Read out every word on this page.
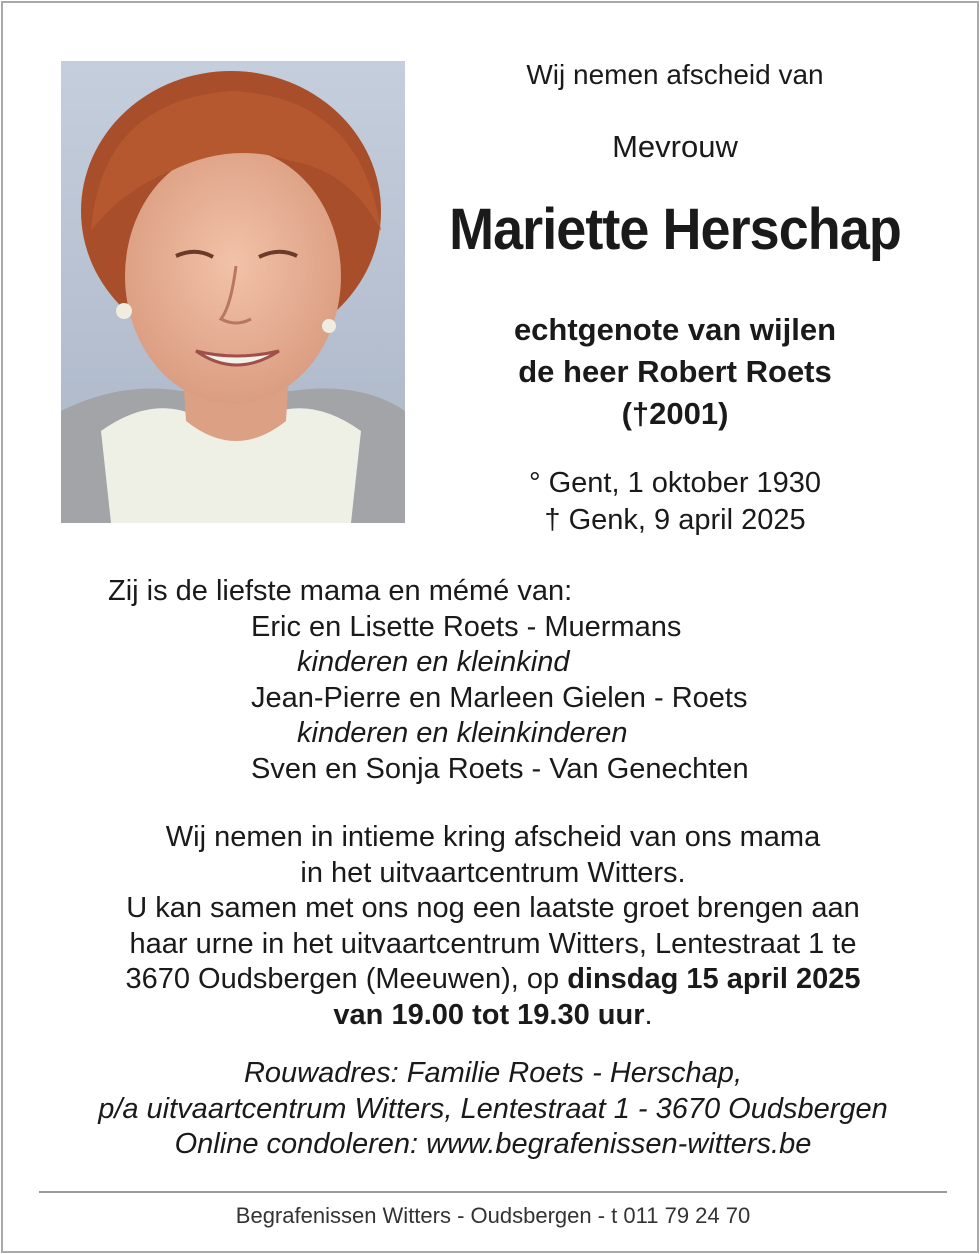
Wij nemen afscheid van
Mevrouw
Mariette Herschap
echtgenote van wijlen
de heer Robert Roets
(†2001)
° Gent, 1 oktober 1930
† Genk, 9 april 2025
Zij is de liefste mama en mémé van:
Eric en Lisette Roets - Muermans
kinderen en kleinkind
Jean-Pierre en Marleen Gielen - Roets
kinderen en kleinkinderen
Sven en Sonja Roets - Van Genechten
Wij nemen in intieme kring afscheid van ons mama
in het uitvaartcentrum Witters.
U kan samen met ons nog een laatste groet brengen aan
haar urne in het uitvaartcentrum Witters, Lentestraat 1 te
3670 Oudsbergen (Meeuwen), op dinsdag 15 april 2025
van 19.00 tot 19.30 uur.
Rouwadres: Familie Roets - Herschap,
p/a uitvaartcentrum Witters, Lentestraat 1 - 3670 Oudsbergen
Online condoleren: www.begrafenissen-witters.be
Begrafenissen Witters - Oudsbergen - t 011 79 24 70
